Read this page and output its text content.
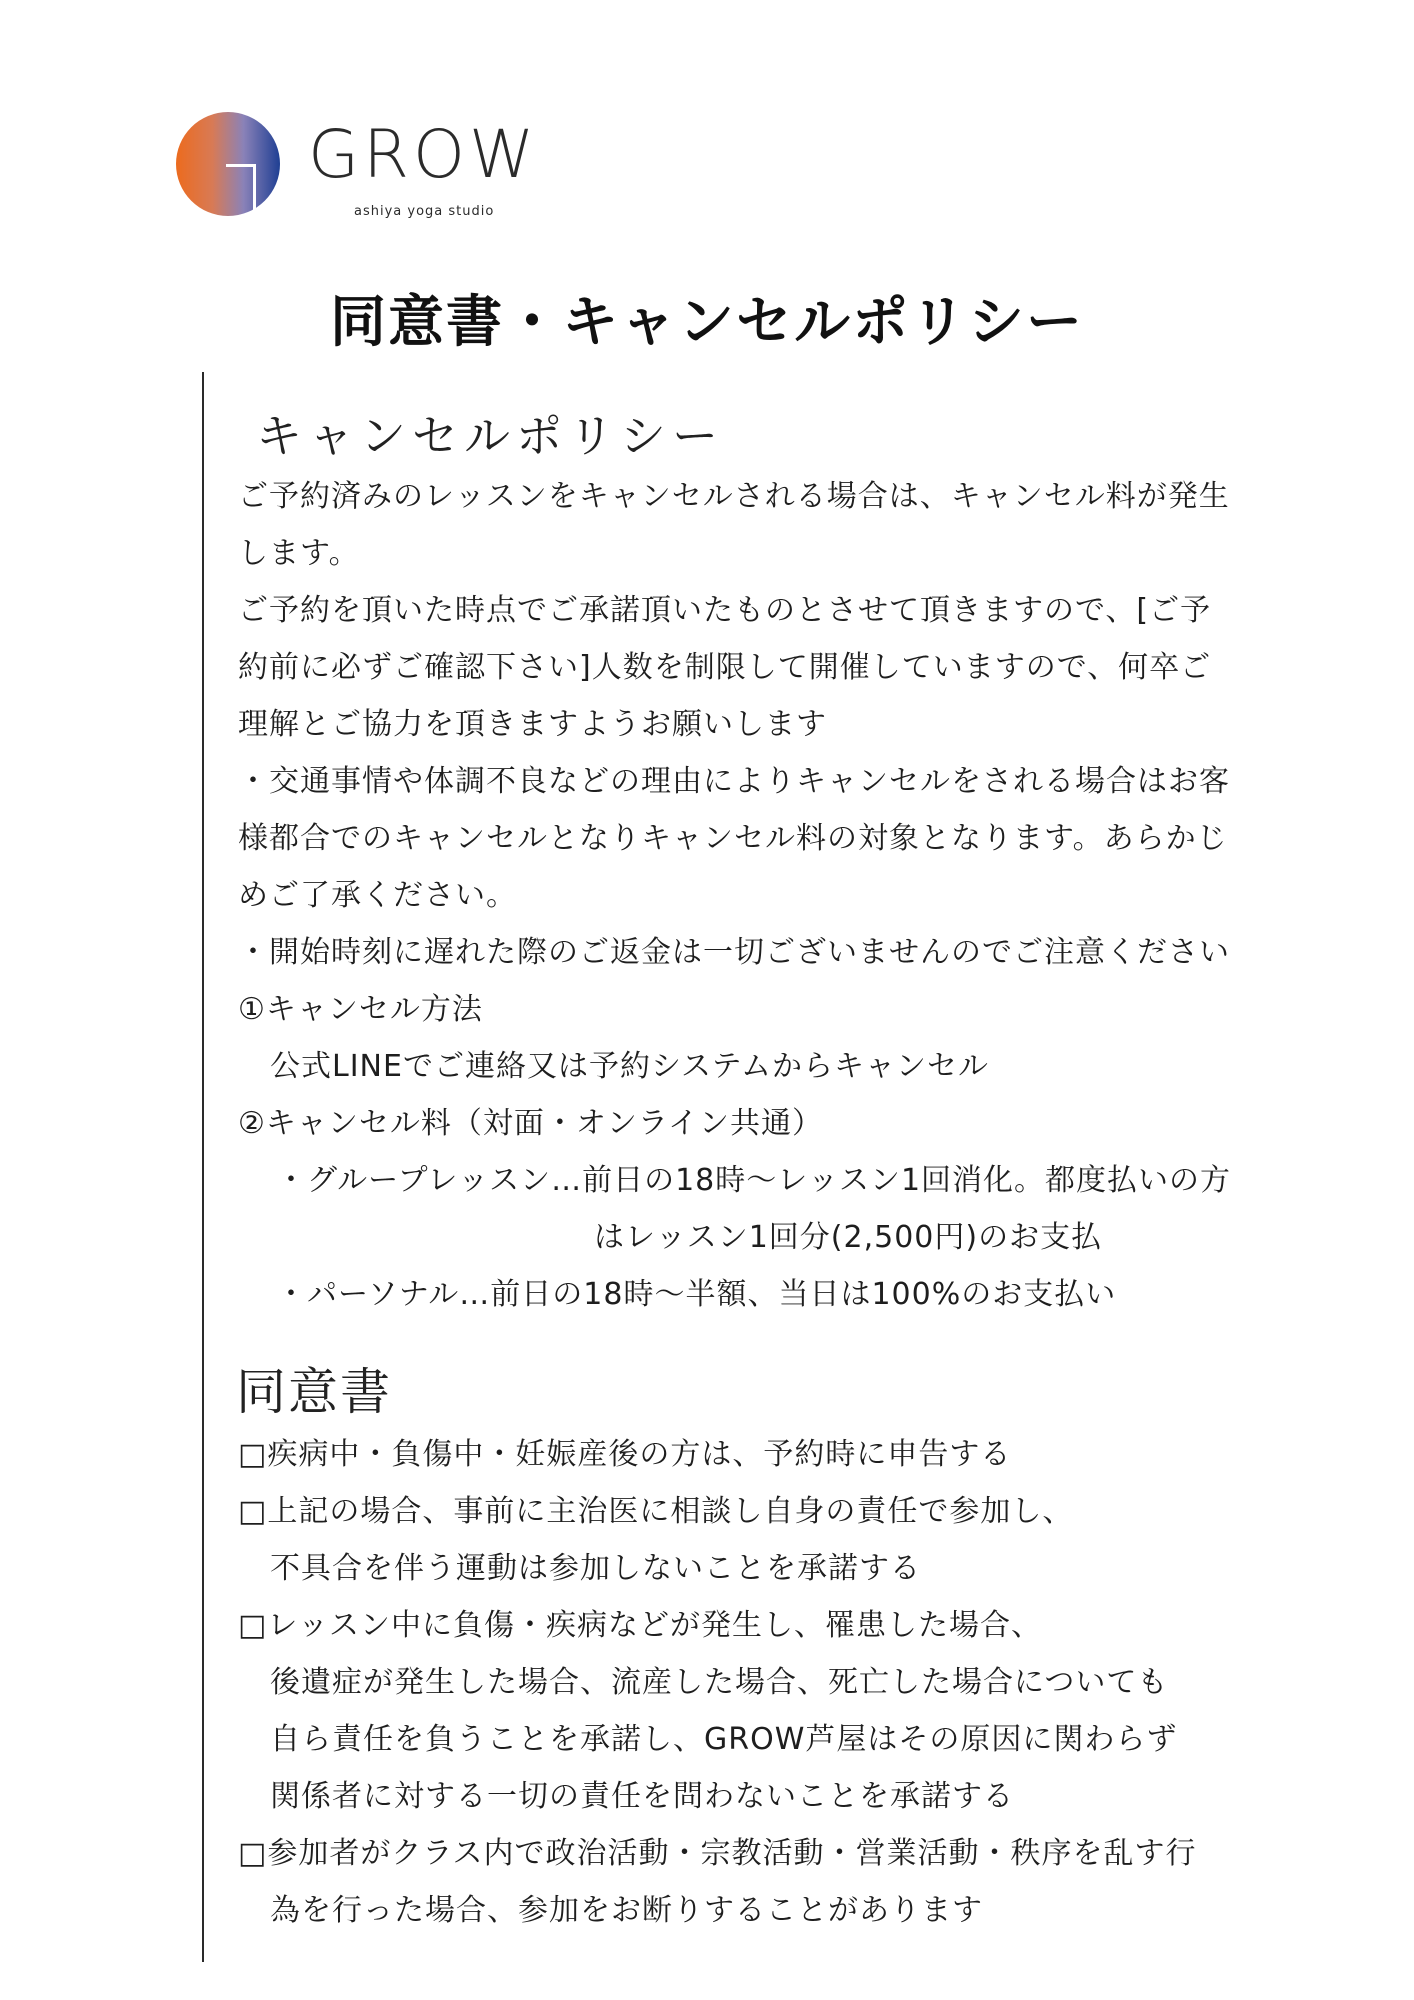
GROW
ashiya yoga studio
同意書・キャンセルポリシー
キャンセルポリシー
ご予約済みのレッスンをキャンセルされる場合は、キャンセル料が発生
します。
ご予約を頂いた時点でご承諾頂いたものとさせて頂きますので、[ご予
約前に必ずご確認下さい]人数を制限して開催していますので、何卒ご
理解とご協力を頂きますようお願いします
・交通事情や体調不良などの理由によりキャンセルをされる場合はお客
様都合でのキャンセルとなりキャンセル料の対象となります。あらかじ
めご了承ください。
・開始時刻に遅れた際のご返金は一切ございませんのでご注意ください
①キャンセル方法
公式LINEでご連絡又は予約システムからキャンセル
②キャンセル料（対面・オンライン共通）
・グループレッスン…前日の18時〜レッスン1回消化。都度払いの方
はレッスン1回分(2,500円)のお支払
・パーソナル…前日の18時〜半額、当日は100%のお支払い
同意書
□疾病中・負傷中・妊娠産後の方は、予約時に申告する
□上記の場合、事前に主治医に相談し自身の責任で参加し、
不具合を伴う運動は参加しないことを承諾する
□レッスン中に負傷・疾病などが発生し、罹患した場合、
後遺症が発生した場合、流産した場合、死亡した場合についても
自ら責任を負うことを承諾し、GROW芦屋はその原因に関わらず
関係者に対する一切の責任を問わないことを承諾する
□参加者がクラス内で政治活動・宗教活動・営業活動・秩序を乱す行
為を行った場合、参加をお断りすることがあります
